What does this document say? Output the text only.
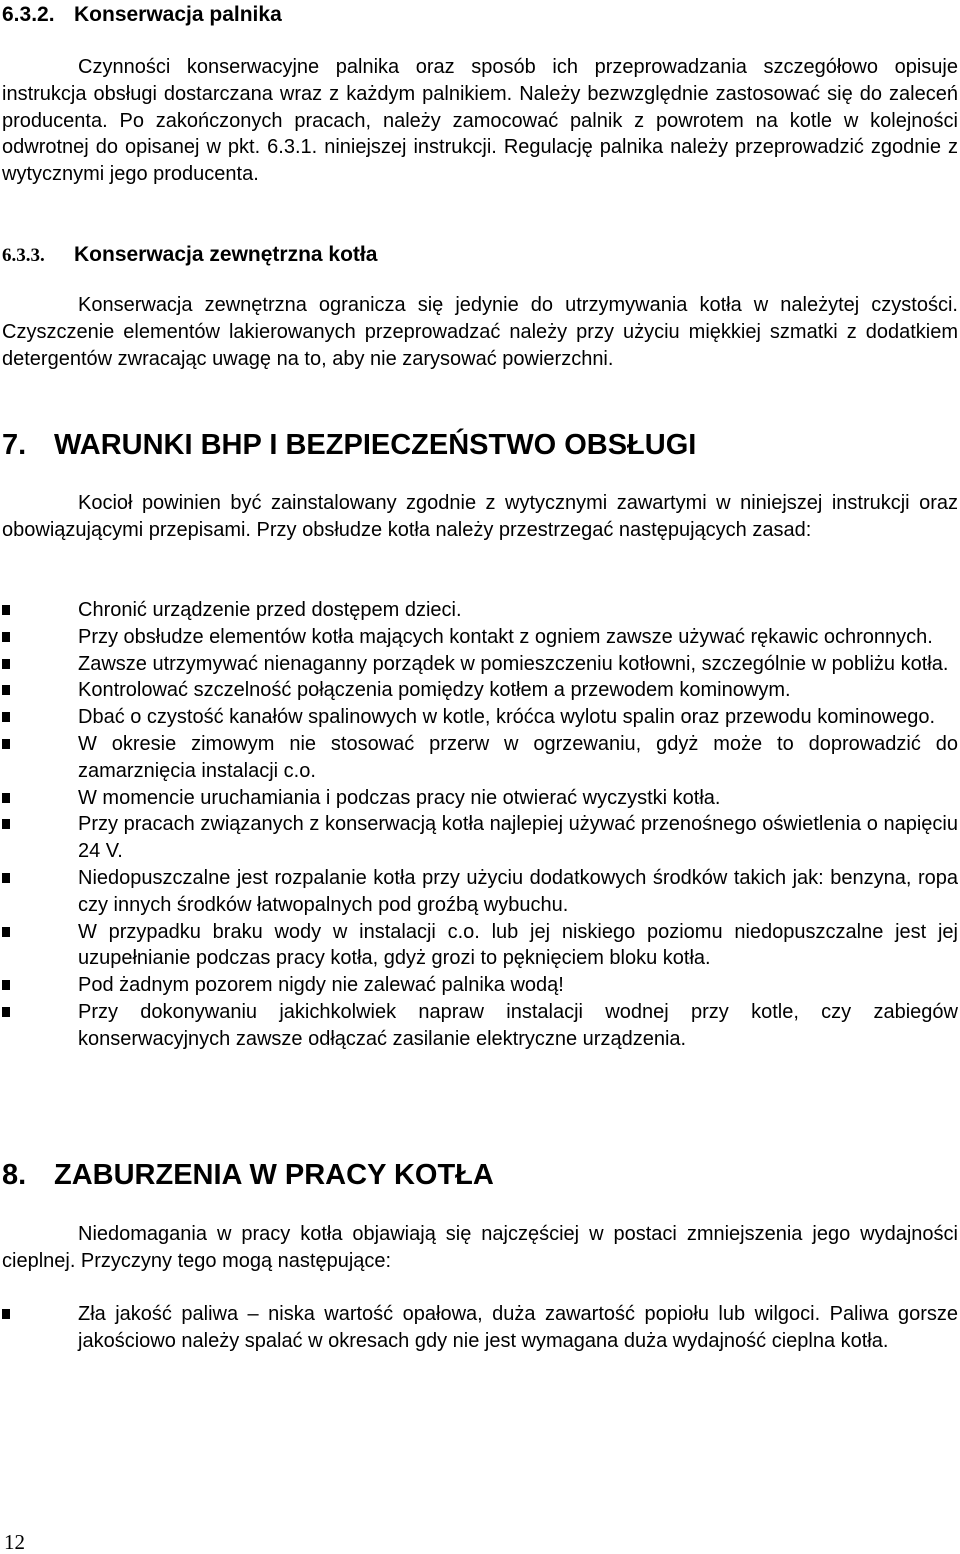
6.3.2. Konserwacja palnika

Czynności konserwacyjne palnika oraz sposób ich przeprowadzania szczegółowo opisuje instrukcja obsługi dostarczana wraz z każdym palnikiem. Należy bezwzględnie zastosować się do zaleceń producenta. Po zakończonych pracach, należy zamocować palnik z powrotem na kotle w kolejności odwrotnej do opisanej w pkt. 6.3.1. niniejszej instrukcji. Regulację palnika należy przeprowadzić zgodnie z wytycznymi jego producenta.

6.3.3. Konserwacja zewnętrzna kotła

Konserwacja zewnętrzna ogranicza się jedynie do utrzymywania kotła w należytej czystości. Czyszczenie elementów lakierowanych przeprowadzać należy przy użyciu miękkiej szmatki z dodatkiem detergentów zwracając uwagę na to, aby nie zarysować powierzchni.

7. WARUNKI BHP I BEZPIECZEŃSTWO OBSŁUGI

Kocioł powinien być zainstalowany zgodnie z wytycznymi zawartymi w niniejszej instrukcji oraz obowiązującymi przepisami. Przy obsłudze kotła należy przestrzegać następujących zasad:

Chronić urządzenie przed dostępem dzieci.
Przy obsłudze elementów kotła mających kontakt z ogniem zawsze używać rękawic ochronnych.
Zawsze utrzymywać nienaganny porządek w pomieszczeniu kotłowni, szczególnie w pobliżu kotła.
Kontrolować szczelność połączenia pomiędzy kotłem a przewodem kominowym.
Dbać o czystość kanałów spalinowych w kotle, króćca wylotu spalin oraz przewodu kominowego.
W okresie zimowym nie stosować przerw w ogrzewaniu, gdyż może to doprowadzić do zamarznięcia instalacji c.o.
W momencie uruchamiania i podczas pracy nie otwierać wyczystki kotła.
Przy pracach związanych z konserwacją kotła najlepiej używać przenośnego oświetlenia o napięciu 24 V.
Niedopuszczalne jest rozpalanie kotła przy użyciu dodatkowych środków takich jak: benzyna, ropa czy innych środków łatwopalnych pod groźbą wybuchu.
W przypadku braku wody w instalacji c.o. lub jej niskiego poziomu niedopuszczalne jest jej uzupełnianie podczas pracy kotła, gdyż grozi to pęknięciem bloku kotła.
Pod żadnym pozorem nigdy nie zalewać palnika wodą!
Przy dokonywaniu jakichkolwiek napraw instalacji wodnej przy kotle, czy zabiegów konserwacyjnych zawsze odłączać zasilanie elektryczne urządzenia.
8. ZABURZENIA W PRACY KOTŁA

Niedomagania w pracy kotła objawiają się najczęściej w postaci zmniejszenia jego wydajności cieplnej. Przyczyny tego mogą następujące:

Zła jakość paliwa – niska wartość opałowa, duża zawartość popiołu lub wilgoci. Paliwa gorsze jakościowo należy spalać w okresach gdy nie jest wymagana duża wydajność cieplna kotła.
12
